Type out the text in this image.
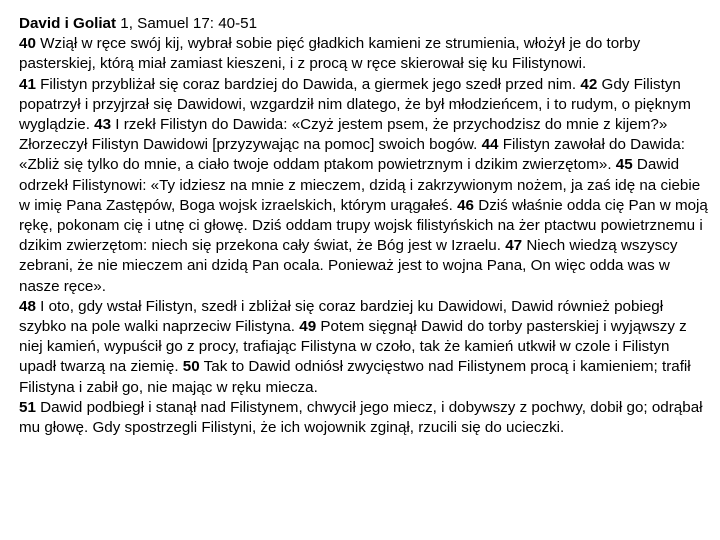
David i Goliat 1, Samuel 17: 40-51

40 Wziął w ręce swój kij, wybrał sobie pięć gładkich kamieni ze strumienia, włożył je do torby pasterskiej, którą miał zamiast kieszeni, i z procą w ręce skierował się ku Filistynowi.

41 Filistyn przybliżał się coraz bardziej do Dawida, a giermek jego szedł przed nim. 42 Gdy Filistyn popatrzył i przyjrzał się Dawidowi, wzgardził nim dlatego, że był młodzieńcem, i to rudym, o pięknym wyglądzie. 43 I rzekł Filistyn do Dawida: «Czyż jestem psem, że przychodzisz do mnie z kijem?» Złorzeczył Filistyn Dawidowi [przyzywając na pomoc] swoich bogów. 44 Filistyn zawołał do Dawida: «Zbliż się tylko do mnie, a ciało twoje oddam ptakom powietrznym i dzikim zwierzętom». 45 Dawid odrzekł Filistynowi: «Ty idziesz na mnie z mieczem, dzidą i zakrzywionym nożem, ja zaś idę na ciebie w imię Pana Zastępów, Boga wojsk izraelskich, którym urągałeś. 46 Dziś właśnie odda cię Pan w moją rękę, pokonam cię i utnę ci głowę. Dziś oddam trupy wojsk filistyńskich na żer ptactwu powietrznemu i dzikim zwierzętom: niech się przekona cały świat, że Bóg jest w Izraelu. 47 Niech wiedzą wszyscy zebrani, że nie mieczem ani dzidą Pan ocala. Ponieważ jest to wojna Pana, On więc odda was w nasze ręce».

48 I oto, gdy wstał Filistyn, szedł i zbliżał się coraz bardziej ku Dawidowi, Dawid również pobiegł szybko na pole walki naprzeciw Filistyna. 49 Potem sięgnął Dawid do torby pasterskiej i wyjąwszy z niej kamień, wypuścił go z procy, trafiając Filistyna w czoło, tak że kamień utkwił w czole i Filistyn upadł twarzą na ziemię. 50 Tak to Dawid odniósł zwycięstwo nad Filistynem procą i kamieniem; trafił Filistyna i zabił go, nie mając w ręku miecza.

51 Dawid podbiegł i stanął nad Filistynem, chwycił jego miecz, i dobywszy z pochwy, dobił go; odrąbał mu głowę. Gdy spostrzegli Filistyni, że ich wojownik zginął, rzucili się do ucieczki.
